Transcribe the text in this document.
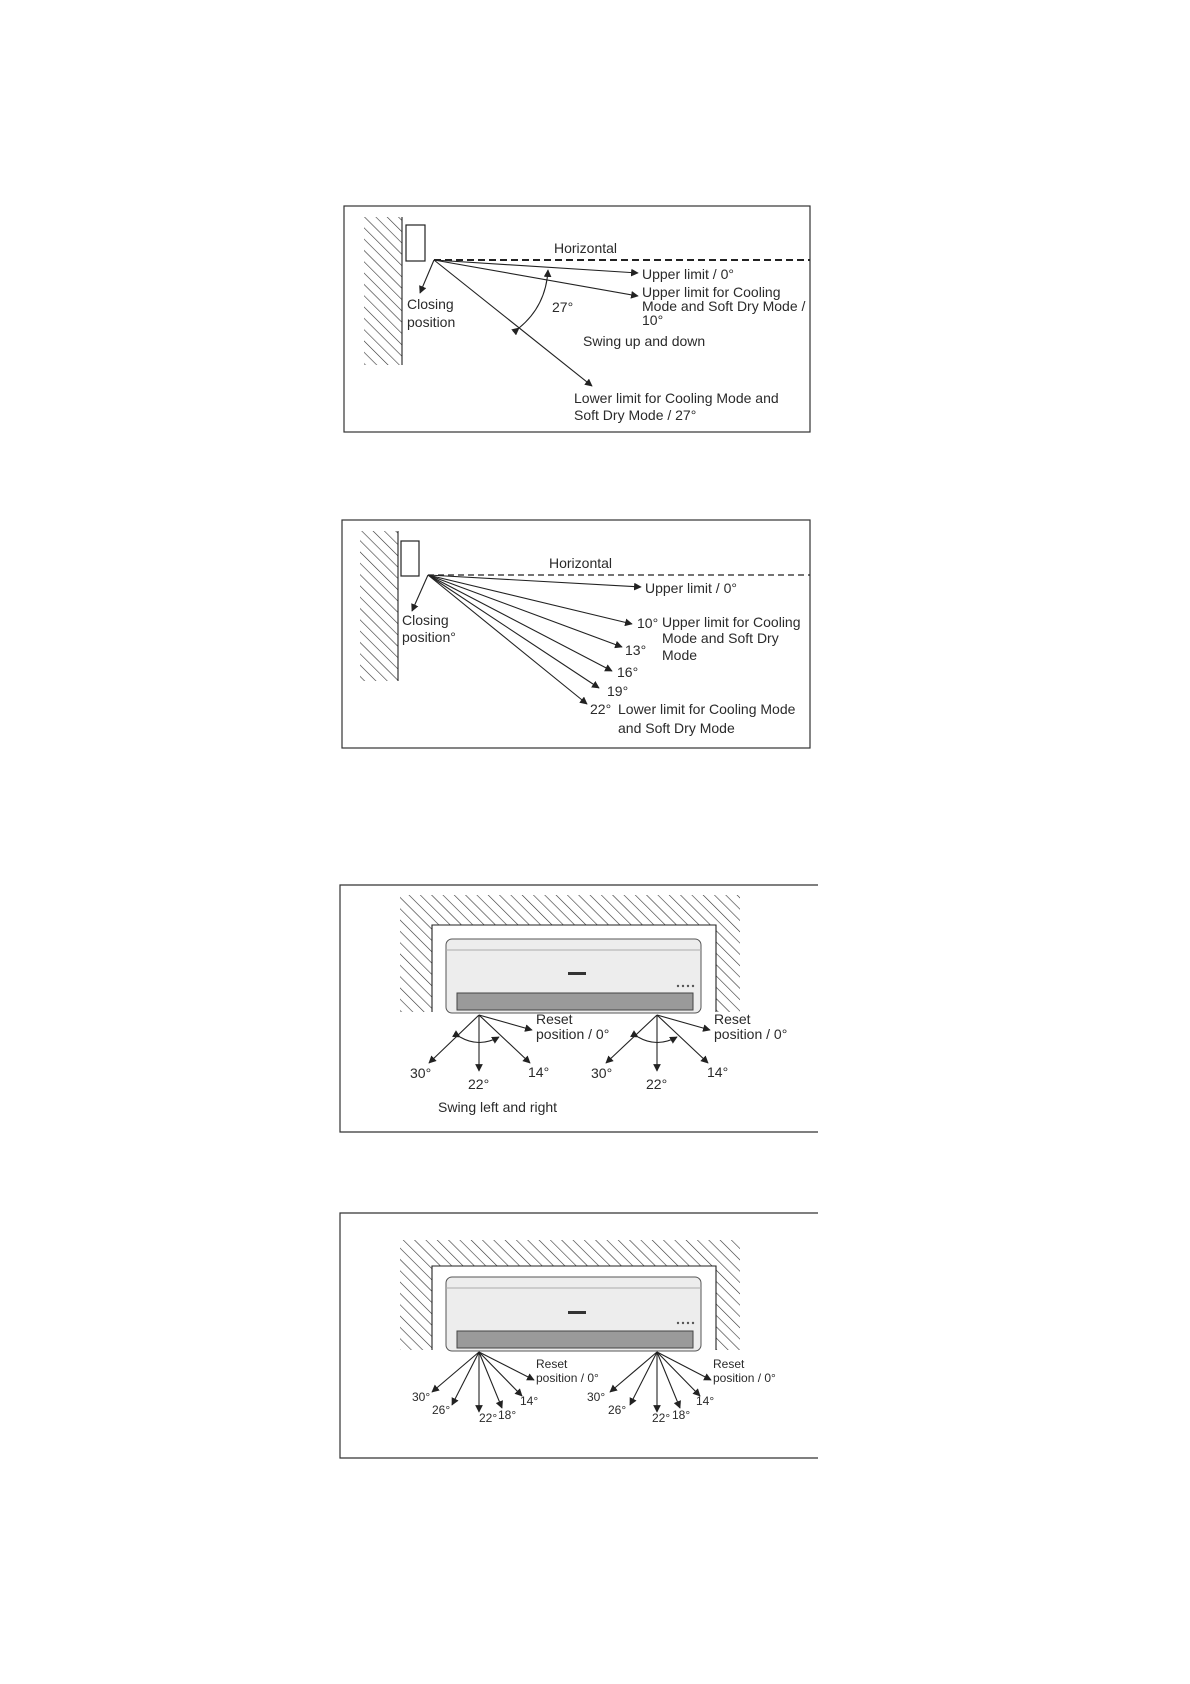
Horizontal
Upper limit / 0°
Upper limit for Cooling
Mode and Soft Dry Mode /
10°
Closing
position
27°
Swing up and down
Lower limit for Cooling Mode and
Soft Dry Mode / 27°
Horizontal
Upper limit / 0°
Closing
position°
10°
13°
16°
19°
22°
Upper limit for Cooling
Mode and Soft Dry
Mode
Lower limit for Cooling Mode
and Soft Dry Mode
Reset
position / 0°
30°
22°
14°
Reset
position / 0°
30°
22°
14°
Swing left and right
Reset
position / 0°
30°
26°
22° 18°
14°
Reset
position / 0°
30°
26°
22° 18°
14°
